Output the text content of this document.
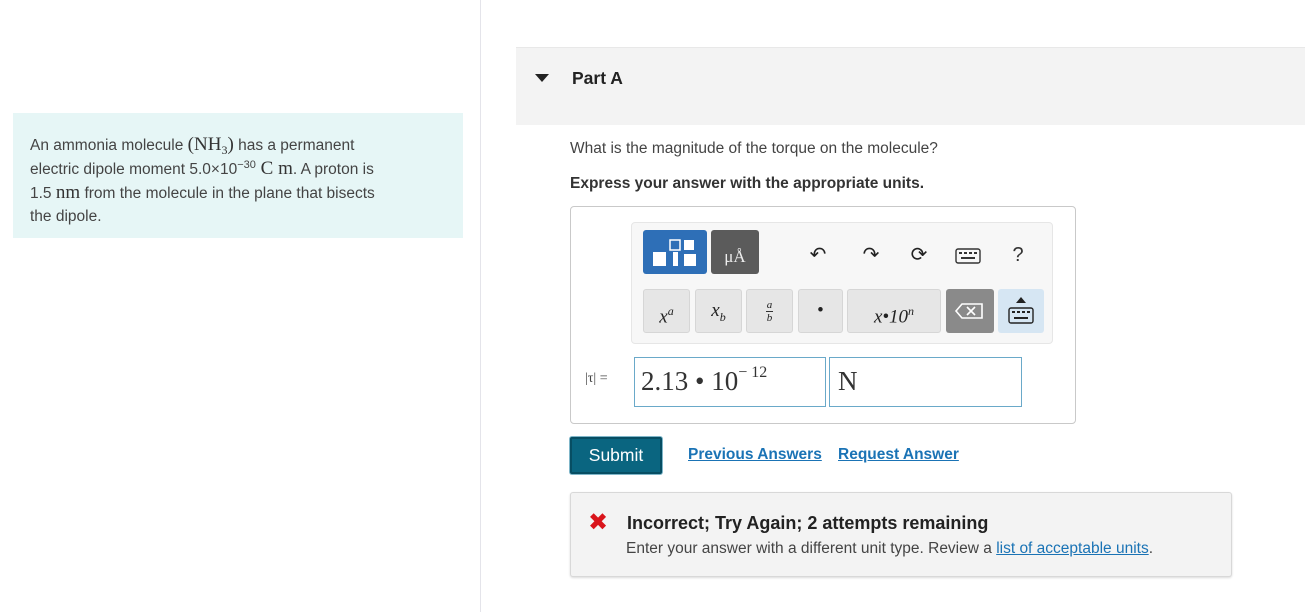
An ammonia molecule $(NH_3)$ has a permanent
electric dipole moment $5.0\times 10^{-30}$ C m. A proton is
1.5 nm from the molecule in the plane that bisects
the dipole.
Part A
What is the magnitude of the torque on the molecule?
Express your answer with the appropriate units.
μÅ	↶	↷	⟳	?
$x^a$	$x_b$	$\frac{a}{b}$	•	x•10$^n$
|τ| = 2.13 • $10^{- 12}$	N
Submit	Previous Answers Request Answer
✖ Incorrect; Try Again; 2 attempts remaining
Enter your answer with a different unit type. Review a list of acceptable units.
